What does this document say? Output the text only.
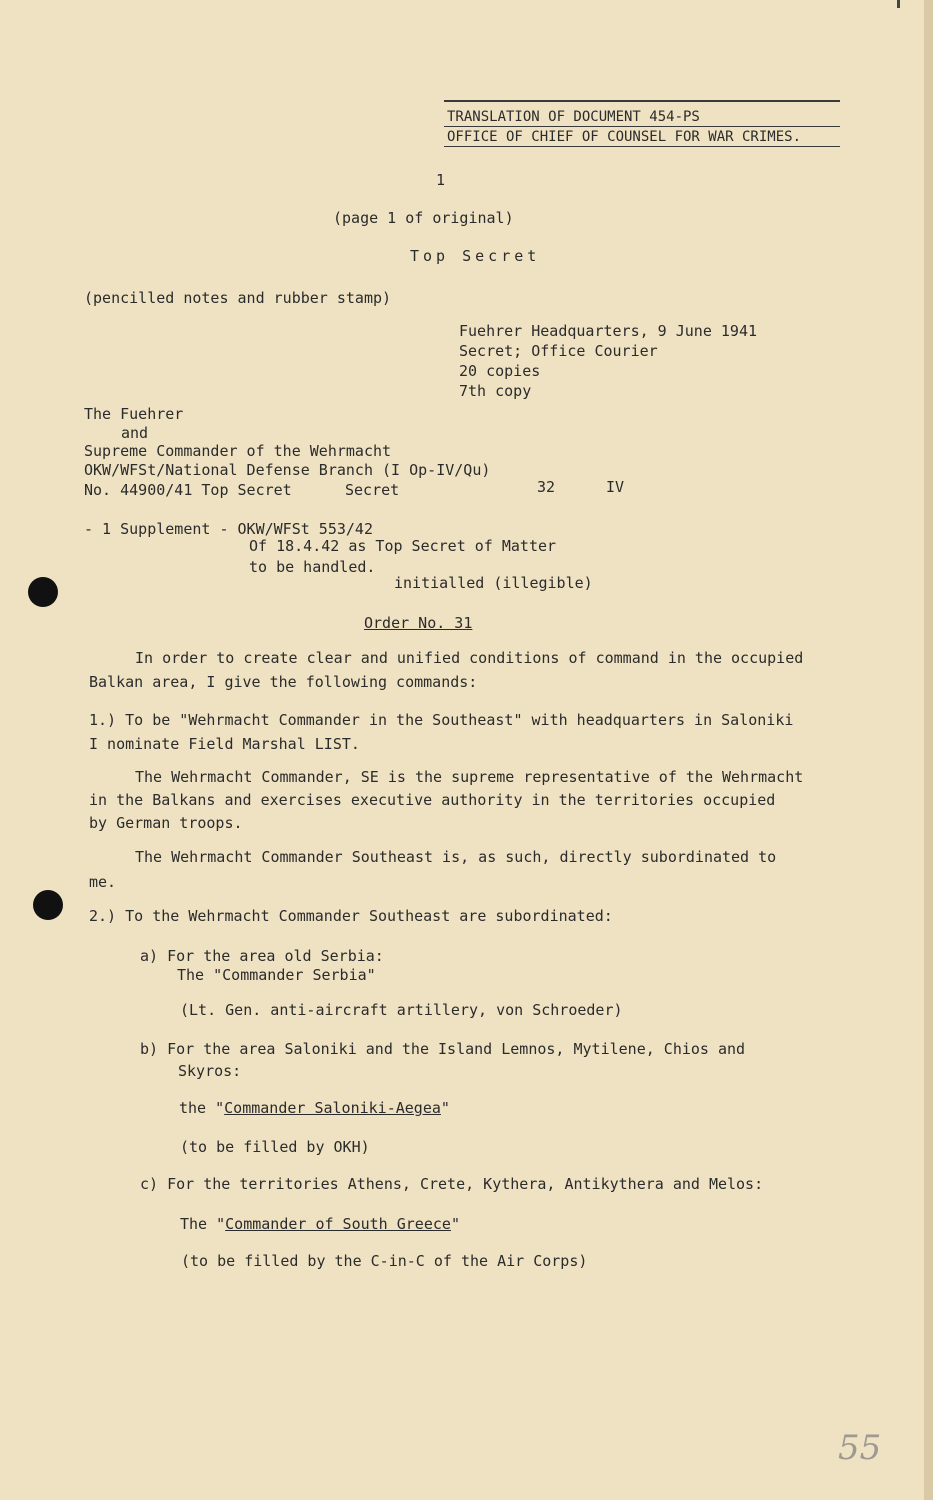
TRANSLATION OF DOCUMENT 454-PS
OFFICE OF CHIEF OF COUNSEL FOR WAR CRIMES.
1
(page 1 of original)
Top Secret
(pencilled notes and rubber stamp)
Fuehrer Headquarters, 9 June 1941
Secret; Office Courier
20 copies
7th copy
The Fuehrer
and
Supreme Commander of the Wehrmacht
OKW/WFSt/National Defense Branch (I Op-IV/Qu)
No. 44900/41 Top Secret	Secret	32	IV
- 1 Supplement - OKW/WFSt 553/42
Of 18.4.42 as Top Secret of Matter
to be handled.
initialled (illegible)
Order No. 31
In order to create clear and unified conditions of command in the occupied
Balkan area, I give the following commands:
1.) To be "Wehrmacht Commander in the Southeast" with headquarters in Saloniki
I nominate Field Marshal LIST.
The Wehrmacht Commander, SE is the supreme representative of the Wehrmacht
in the Balkans and exercises executive authority in the territories occupied
by German troops.
The Wehrmacht Commander Southeast is, as such, directly subordinated to
me.
2.) To the Wehrmacht Commander Southeast are subordinated:
a) For the area old Serbia:
The "Commander Serbia"
(Lt. Gen. anti-aircraft artillery, von Schroeder)
b) For the area Saloniki and the Island Lemnos, Mytilene, Chios and
Skyros:
the "Commander Saloniki-Aegea"
(to be filled by OKH)
c) For the territories Athens, Crete, Kythera, Antikythera and Melos:
The "Commander of South Greece"
(to be filled by the C-in-C of the Air Corps)
55
